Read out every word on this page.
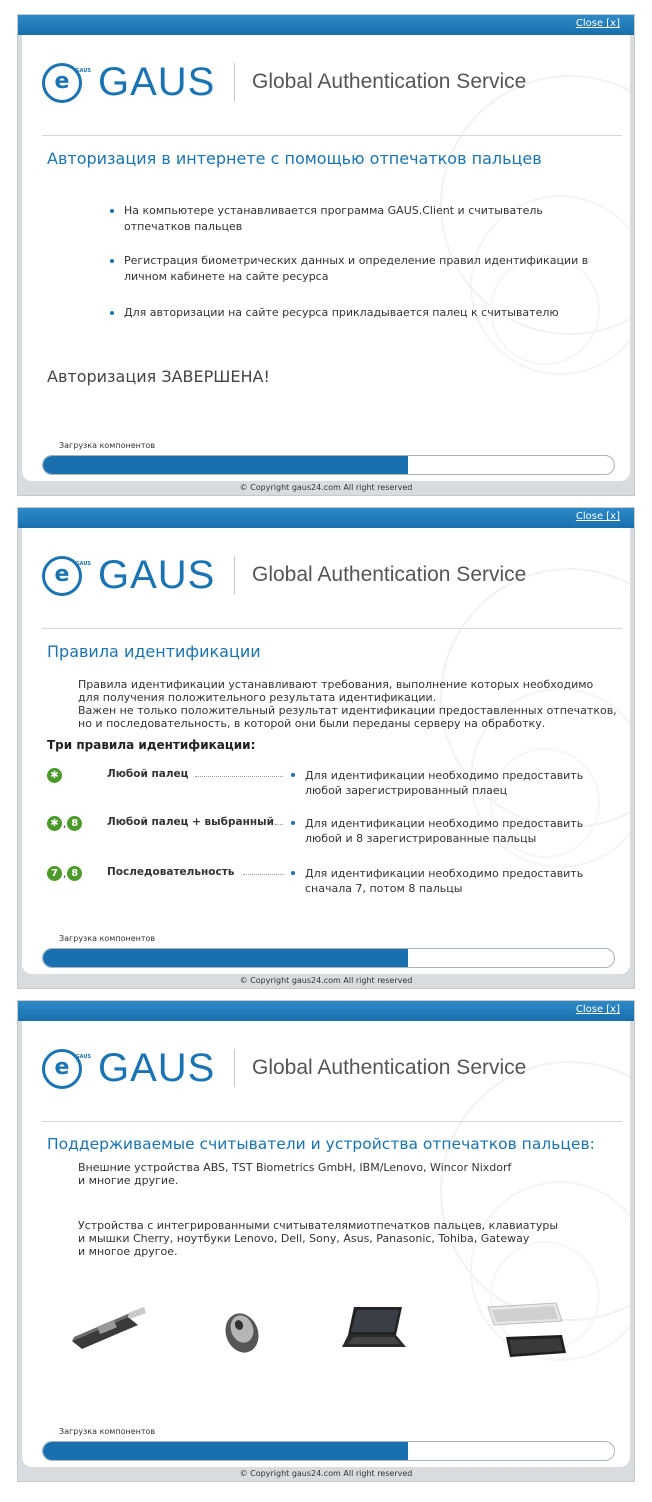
Close [x]
e GAUS GAUS Global Authentication Service
Авторизация в интернете с помощью отпечатков пальцев
На компьютере устанавливается программа GAUS.Client и считыватель отпечатков пальцев
Регистрация биометрических данных и определение правил идентификации в личном кабинете на сайте ресурса
Для авторизации на сайте ресурса прикладывается палец к считывателю
Авторизация ЗАВЕРШЕНА!
Загрузка компонентов
© Copyright gaus24.com All right reserved
Close [x]
e GAUS GAUS Global Authentication Service
Правила идентификации
Правила идентификации устанавливают требования, выполнение которых необходимо
для получения положительного результата идентификации.
Важен не только положительный результат идентификации предоставленных отпечатков,
но и последовательность, в которой они были переданы серверу на обработку.
Три правила идентификации:
✱	Любой палец	Для идентификации необходимо предоставить
любой зарегистрированный плаец
✱ , 8	Любой палец + выбранный	Для идентификации необходимо предоставить
любой и 8 зарегистрированные пальцы
7 , 8	Последовательность	Для идентификации необходимо предоставить
сначала 7, потом 8 пальцы
Загрузка компонентов
© Copyright gaus24.com All right reserved
Close [x]
e GAUS GAUS Global Authentication Service
Поддерживаемые считыватели и устройства отпечатков пальцев:
Внешние устройства ABS, TST Biometrics GmbH, IBM/Lenovo, Wincor Nixdorf
и многие другие.
Устройства с интегрированными считывателямиотпечатков пальцев, клавиатуры
и мышки Cherry, ноутбуки Lenovo, Dell, Sony, Asus, Panasonic, Tohiba, Gateway
и многое другое.
Загрузка компонентов
© Copyright gaus24.com All right reserved
